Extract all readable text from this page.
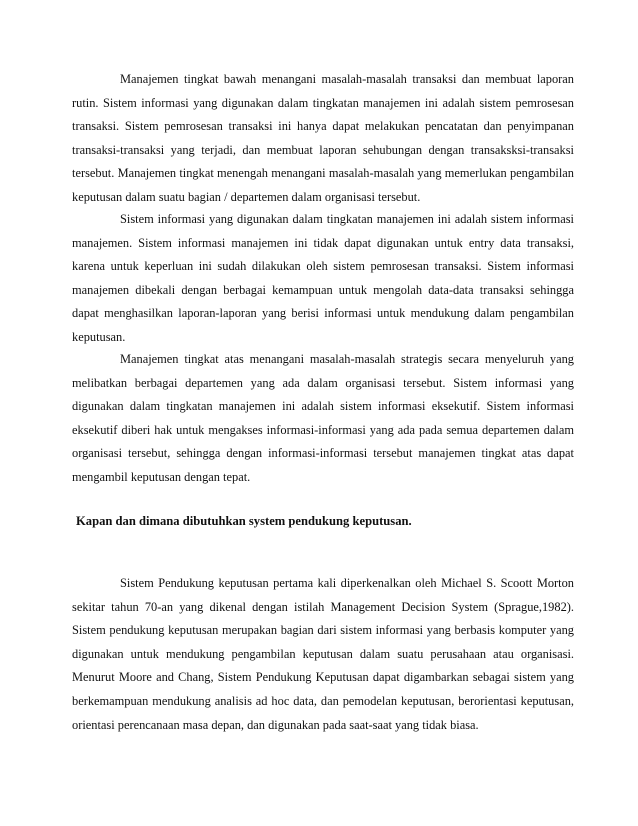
Manajemen tingkat bawah menangani masalah-masalah transaksi dan membuat laporan rutin. Sistem informasi yang digunakan dalam tingkatan manajemen ini adalah sistem pemrosesan transaksi. Sistem pemrosesan transaksi ini hanya dapat melakukan pencatatan dan penyimpanan transaksi-transaksi yang terjadi, dan membuat laporan sehubungan dengan transaksksi-transaksi tersebut. Manajemen tingkat menengah menangani masalah-masalah yang memerlukan pengambilan keputusan dalam suatu bagian / departemen dalam organisasi tersebut.

Sistem informasi yang digunakan dalam tingkatan manajemen ini adalah sistem informasi manajemen. Sistem informasi manajemen ini tidak dapat digunakan untuk entry data transaksi, karena untuk keperluan ini sudah dilakukan oleh sistem pemrosesan transaksi. Sistem informasi manajemen dibekali dengan berbagai kemampuan untuk mengolah data-data transaksi sehingga dapat menghasilkan laporan-laporan yang berisi informasi untuk mendukung dalam pengambilan keputusan.

Manajemen tingkat atas menangani masalah-masalah strategis secara menyeluruh yang melibatkan berbagai departemen yang ada dalam organisasi tersebut. Sistem informasi yang digunakan dalam tingkatan manajemen ini adalah sistem informasi eksekutif. Sistem informasi eksekutif diberi hak untuk mengakses informasi-informasi yang ada pada semua departemen dalam organisasi tersebut, sehingga dengan informasi-informasi tersebut manajemen tingkat atas dapat mengambil keputusan dengan tepat.

Kapan dan dimana dibutuhkan system pendukung keputusan.

Sistem Pendukung keputusan pertama kali diperkenalkan oleh Michael S. Scoott Morton sekitar tahun 70-an yang dikenal dengan istilah Management Decision System (Sprague,1982). Sistem pendukung keputusan merupakan bagian dari sistem informasi yang berbasis komputer yang digunakan untuk mendukung pengambilan keputusan dalam suatu perusahaan atau organisasi. Menurut Moore and Chang, Sistem Pendukung Keputusan dapat digambarkan sebagai sistem yang berkemampuan mendukung analisis ad hoc data, dan pemodelan keputusan, berorientasi keputusan, orientasi perencanaan masa depan, dan digunakan pada saat-saat yang tidak biasa.
